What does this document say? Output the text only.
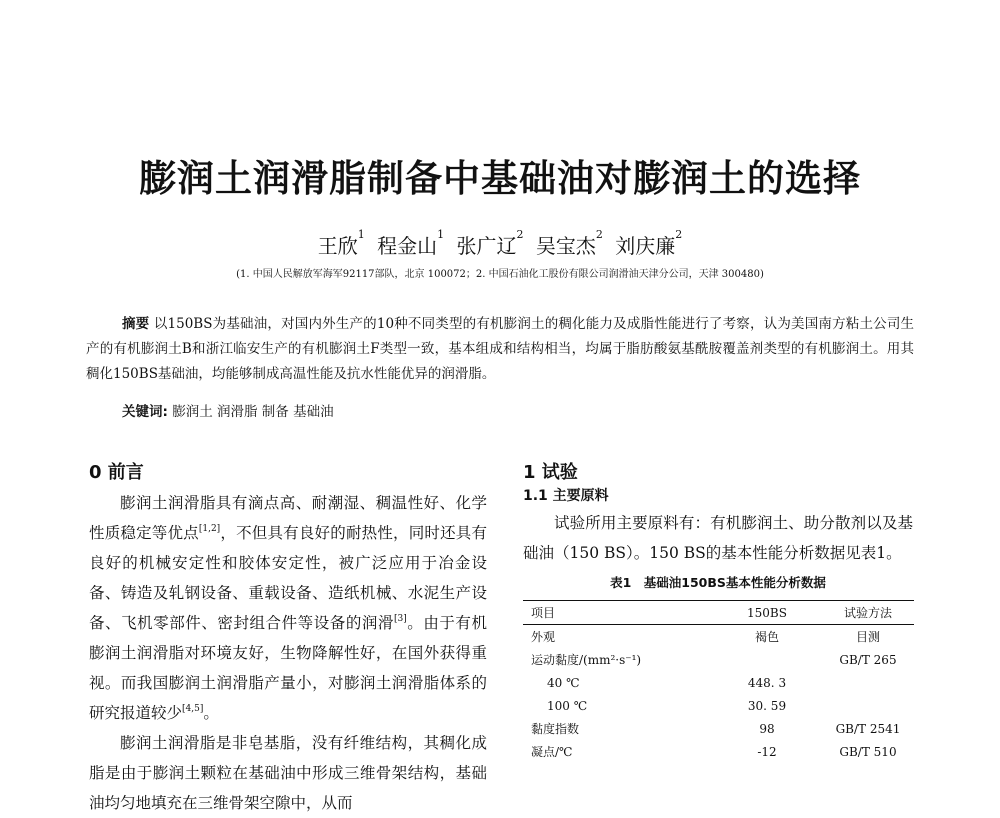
膨润土润滑脂制备中基础油对膨润土的选择
王欣$^1$ 程金山$^1$ 张广辽$^2$ 吴宝杰$^2$ 刘庆廉$^2$
(1. 中国人民解放军海军92117部队，北京 100072；2. 中国石油化工股份有限公司润滑油天津分公司，天津 300480)
摘要 以150BS为基础油，对国内外生产的10种不同类型的有机膨润土的稠化能力及成脂性能进行了考察，认为美国南方粘土公司生产的有机膨润土B和浙江临安生产的有机膨润土F类型一致，基本组成和结构相当，均属于脂肪酸氨基酰胺覆盖剂类型的有机膨润土。用其稠化150BS基础油，均能够制成高温性能及抗水性能优异的润滑脂。
关键词: 膨润土 润滑脂 制备 基础油
0 前言

膨润土润滑脂具有滴点高、耐潮湿、稠温性好、化学性质稳定等优点[1,2]，不但具有良好的耐热性，同时还具有良好的机械安定性和胶体安定性，被广泛应用于冶金设备、铸造及轧钢设备、重载设备、造纸机械、水泥生产设备、飞机零部件、密封组合件等设备的润滑[3]。由于有机膨润土润滑脂对环境友好，生物降解性好，在国外获得重视。而我国膨润土润滑脂产量小，对膨润土润滑脂体系的研究报道较少[4,5]。

膨润土润滑脂是非皂基脂，没有纤维结构，其稠化成脂是由于膨润土颗粒在基础油中形成三维骨架结构，基础油均匀地填充在三维骨架空隙中，从而

1 试验
1.1 主要原料

试验所用主要原料有：有机膨润土、助分散剂以及基础油（150 BS）。150 BS的基本性能分析数据见表1。

表1　基础油150BS基本性能分析数据
项目	150BS	试验方法
外观	褐色	目测
运动黏度/(mm²·s⁻¹)		GB/T 265
40 ℃	448. 3	
100 ℃	30. 59	
黏度指数	98	GB/T 2541
凝点/℃	-12	GB/T 510
